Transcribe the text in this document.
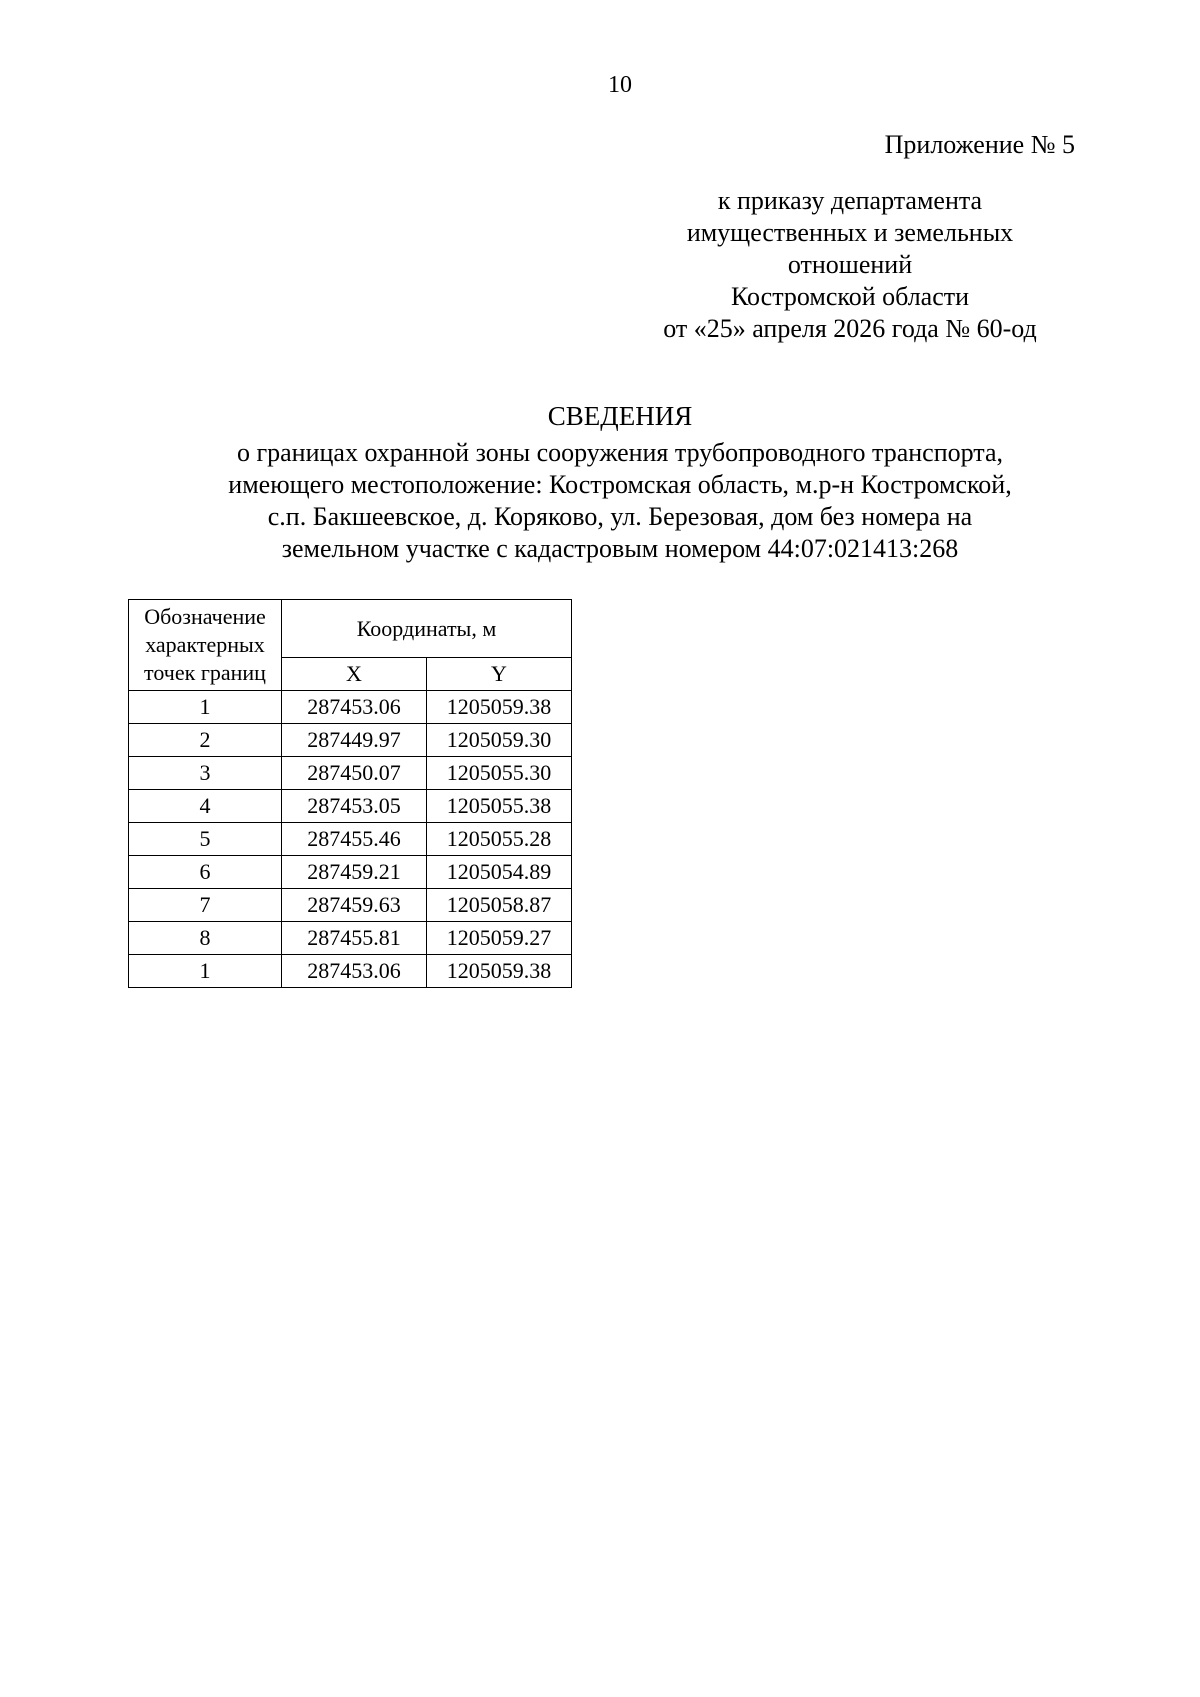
10
Приложение № 5
к приказу департамента
имущественных и земельных
отношений
Костромской области
от «25» апреля 2026 года № 60-од
СВЕДЕНИЯ
о границах охранной зоны сооружения трубопроводного транспорта,
имеющего местоположение: Костромская область, м.р-н Костромской,
с.п. Бакшеевское, д. Коряково, ул. Березовая, дом без номера на
земельном участке с кадастровым номером 44:07:021413:268
Обозначение
характерных
точек границ	Координаты, м	
	X	Y
1	287453.06	1205059.38
2	287449.97	1205059.30
3	287450.07	1205055.30
4	287453.05	1205055.38
5	287455.46	1205055.28
6	287459.21	1205054.89
7	287459.63	1205058.87
8	287455.81	1205059.27
1	287453.06	1205059.38
